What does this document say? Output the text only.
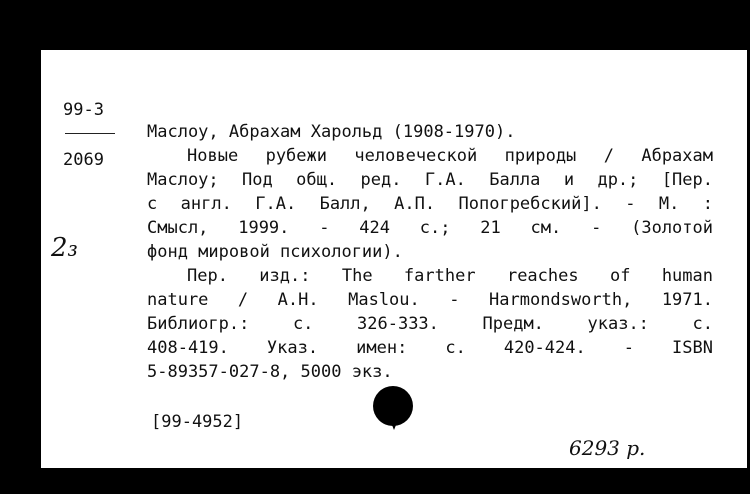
99-3
2069
2₃
Маслоу, Абрахам Харольд (1908-1970).
Новые рубежи человеческой природы / Абрахам
Маслоу; Под общ. ред. Г.А. Балла и др.; [Пер.
с англ. Г.А. Балл, А.П. Попогребский]. - М. :
Смысл, 1999. - 424 с.; 21 см. - (Золотой
фонд мировой психологии).
Пер. изд.: The farther reaches of human
nature / A.H. Maslou. - Harmondsworth, 1971.
Библиогр.: с. 326-333. Предм. указ.: с.
408-419. Указ. имен: с. 420-424. - ISBN
5-89357-027-8, 5000 экз.
[99-4952]
6293 р.
